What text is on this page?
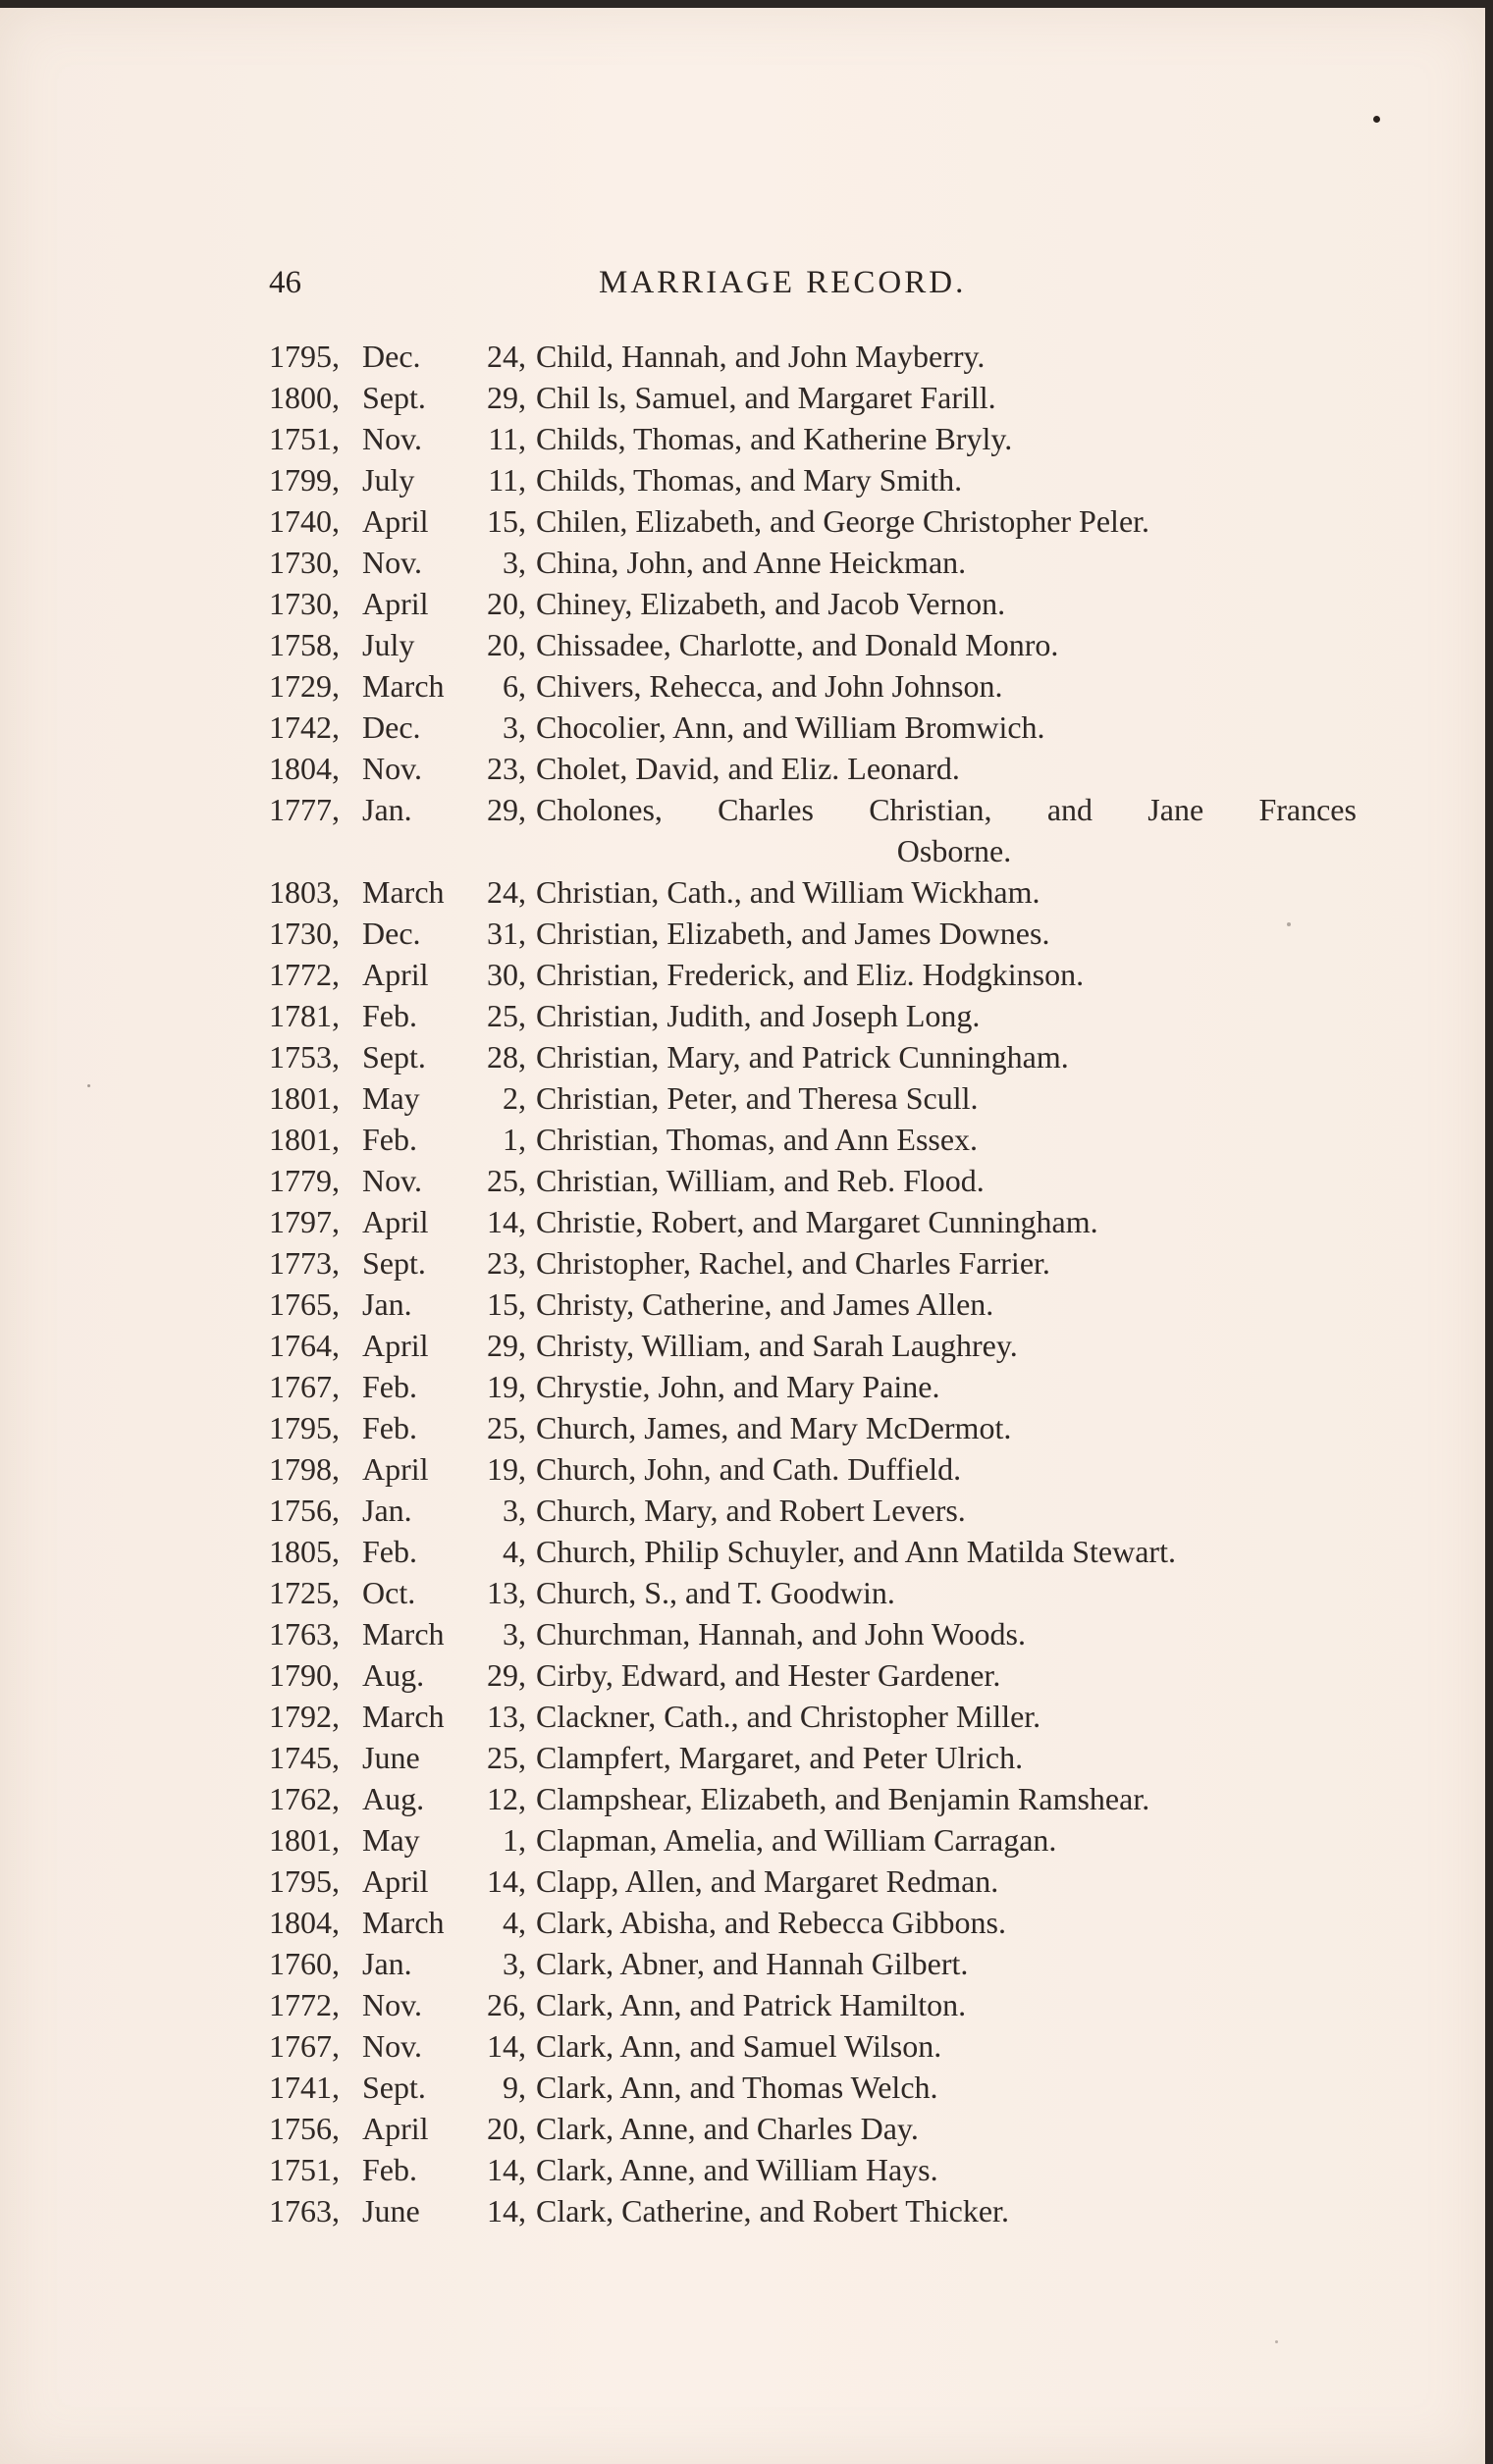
46	MARRIAGE RECORD.
1795, Dec.	24, Child, Hannah, and John Mayberry.
1800, Sept.	29, Chil ls, Samuel, and Margaret Farill.
1751, Nov.	11, Childs, Thomas, and Katherine Bryly.
1799, July	11, Childs, Thomas, and Mary Smith.
1740, April	15, Chilen, Elizabeth, and George Christopher Peler.
1730, Nov.	3, China, John, and Anne Heickman.
1730, April	20, Chiney, Elizabeth, and Jacob Vernon.
1758, July	20, Chissadee, Charlotte, and Donald Monro.
1729, March	6, Chivers, Rehecca, and John Johnson.
1742, Dec.	3, Chocolier, Ann, and William Bromwich.
1804, Nov.	23, Cholet, David, and Eliz. Leonard.
1777, Jan.	29, Cholones, Charles Christian, and Jane Frances
Osborne.
1803, March	24, Christian, Cath., and William Wickham.
1730, Dec.	31, Christian, Elizabeth, and James Downes.
1772, April	30, Christian, Frederick, and Eliz. Hodgkinson.
1781, Feb.	25, Christian, Judith, and Joseph Long.
1753, Sept.	28, Christian, Mary, and Patrick Cunningham.
1801, May	2, Christian, Peter, and Theresa Scull.
1801, Feb.	1, Christian, Thomas, and Ann Essex.
1779, Nov.	25, Christian, William, and Reb. Flood.
1797, April	14, Christie, Robert, and Margaret Cunningham.
1773, Sept.	23, Christopher, Rachel, and Charles Farrier.
1765, Jan.	15, Christy, Catherine, and James Allen.
1764, April	29, Christy, William, and Sarah Laughrey.
1767, Feb.	19, Chrystie, John, and Mary Paine.
1795, Feb.	25, Church, James, and Mary McDermot.
1798, April	19, Church, John, and Cath. Duffield.
1756, Jan.	3, Church, Mary, and Robert Levers.
1805, Feb.	4, Church, Philip Schuyler, and Ann Matilda Stewart.
1725, Oct.	13, Church, S., and T. Goodwin.
1763, March	3, Churchman, Hannah, and John Woods.
1790, Aug.	29, Cirby, Edward, and Hester Gardener.
1792, March	13, Clackner, Cath., and Christopher Miller.
1745, June	25, Clampfert, Margaret, and Peter Ulrich.
1762, Aug.	12, Clampshear, Elizabeth, and Benjamin Ramshear.
1801, May	1, Clapman, Amelia, and William Carragan.
1795, April	14, Clapp, Allen, and Margaret Redman.
1804, March	4, Clark, Abisha, and Rebecca Gibbons.
1760, Jan.	3, Clark, Abner, and Hannah Gilbert.
1772, Nov.	26, Clark, Ann, and Patrick Hamilton.
1767, Nov.	14, Clark, Ann, and Samuel Wilson.
1741, Sept.	9, Clark, Ann, and Thomas Welch.
1756, April	20, Clark, Anne, and Charles Day.
1751, Feb.	14, Clark, Anne, and William Hays.
1763, June	14, Clark, Catherine, and Robert Thicker.
